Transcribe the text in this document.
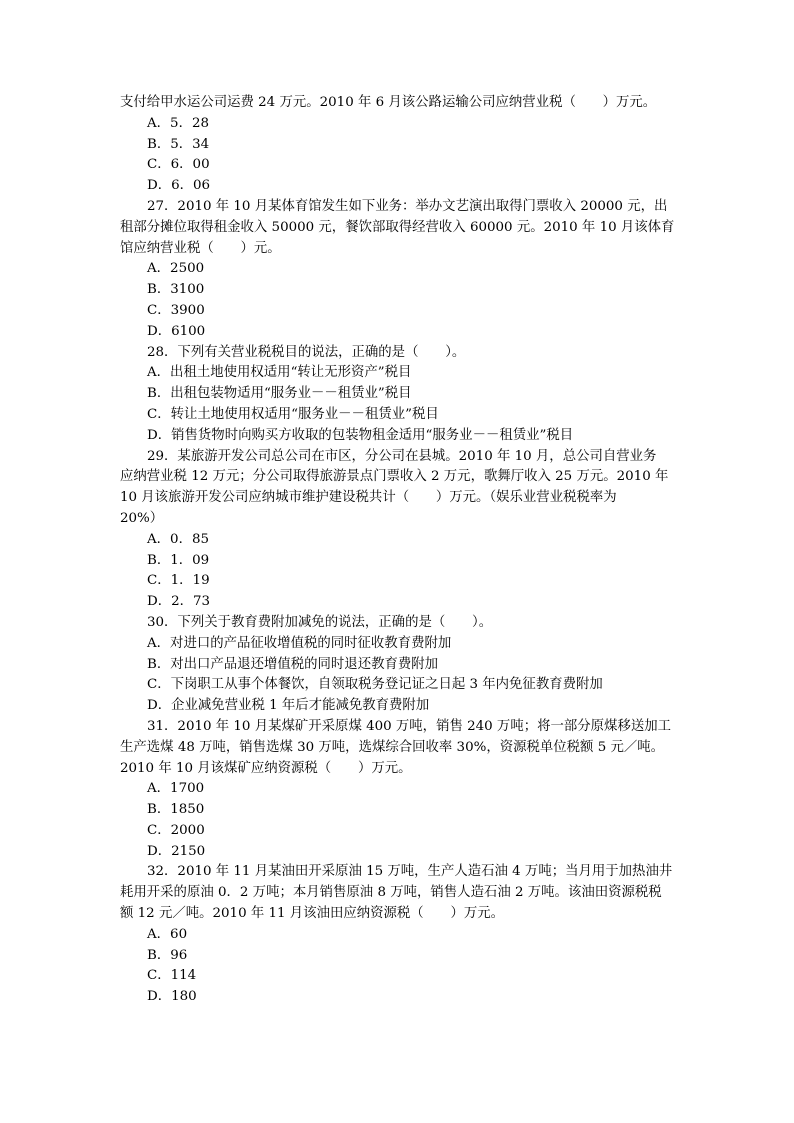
支付给甲水运公司运费 24 万元。2010 年 6 月该公路运输公司应纳营业税（　　）万元。
A．5．28
B．5．34
C．6．00
D．6．06
27．2010 年 10 月某体育馆发生如下业务：举办文艺演出取得门票收入 20000 元，出
租部分摊位取得租金收入 50000 元，餐饮部取得经营收入 60000 元。2010 年 10 月该体育
馆应纳营业税（　　）元。
A．2500
B．3100
C．3900
D．6100
28．下列有关营业税税目的说法，正确的是（　　）。
A．出租土地使用权适用“转让无形资产”税目
B．出租包装物适用“服务业－－租赁业”税目
C．转让土地使用权适用“服务业－－租赁业”税目
D．销售货物时向购买方收取的包装物租金适用“服务业－－租赁业”税目
29．某旅游开发公司总公司在市区，分公司在县城。2010 年 10 月，总公司自营业务
应纳营业税 12 万元；分公司取得旅游景点门票收入 2 万元，歌舞厅收入 25 万元。2010 年
10 月该旅游开发公司应纳城市维护建设税共计（　　）万元。（娱乐业营业税税率为
20%）
A．0．85
B．1．09
C．1．19
D．2．73
30．下列关于教育费附加减免的说法，正确的是（　　）。
A．对进口的产品征收增值税的同时征收教育费附加
B．对出口产品退还增值税的同时退还教育费附加
C．下岗职工从事个体餐饮，自领取税务登记证之日起 3 年内免征教育费附加
D．企业减免营业税 1 年后才能减免教育费附加
31．2010 年 10 月某煤矿开采原煤 400 万吨，销售 240 万吨；将一部分原煤移送加工
生产选煤 48 万吨，销售选煤 30 万吨，选煤综合回收率 30%，资源税单位税额 5 元／吨。
2010 年 10 月该煤矿应纳资源税（　　）万元。
A．1700
B．1850
C．2000
D．2150
32．2010 年 11 月某油田开采原油 15 万吨，生产人造石油 4 万吨；当月用于加热油井
耗用开采的原油 0．2 万吨；本月销售原油 8 万吨，销售人造石油 2 万吨。该油田资源税税
额 12 元／吨。2010 年 11 月该油田应纳资源税（　　）万元。
A．60
B．96
C．114
D．180
